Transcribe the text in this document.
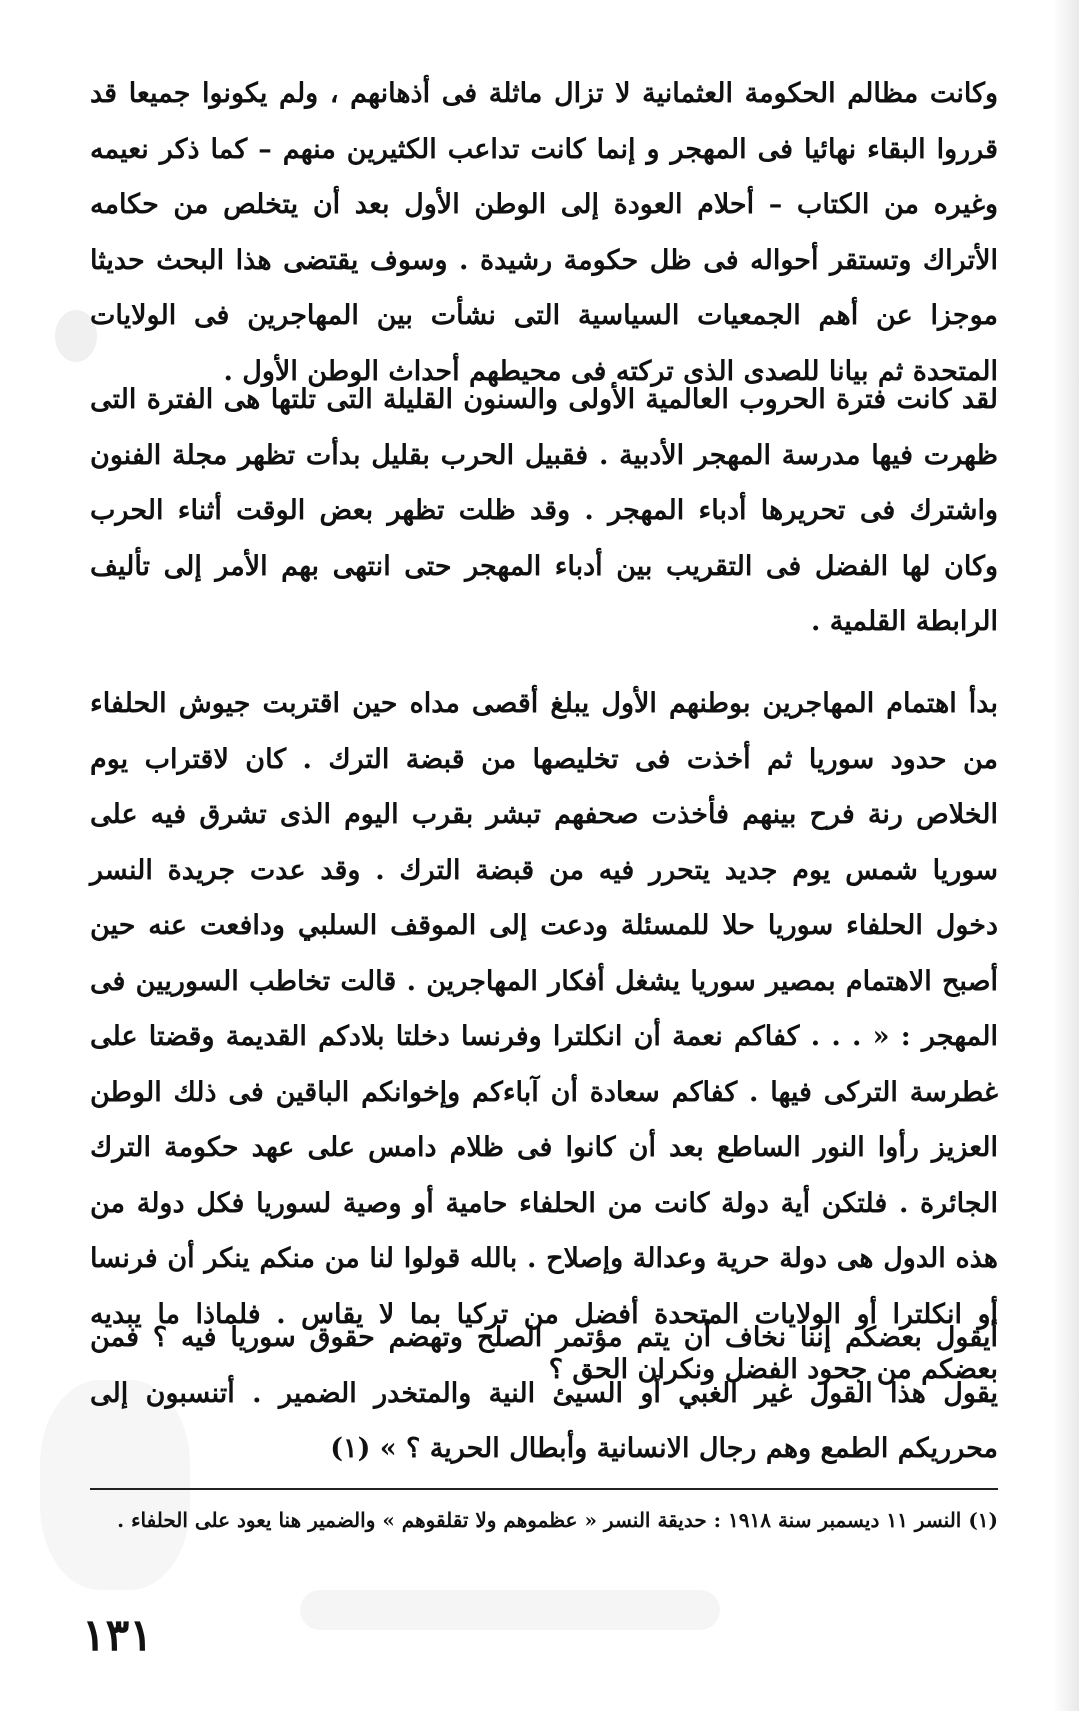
وكانت مظالم الحكومة العثمانية لا تزال ماثلة فى أذهانهم ، ولم يكونوا جميعا قد قرروا البقاء نهائيا فى المهجر و إنما كانت تداعب الكثيرين منهم – كما ذكر نعيمه وغيره من الكتاب – أحلام العودة إلى الوطن الأول بعد أن يتخلص من حكامه الأتراك وتستقر أحواله فى ظل حكومة رشيدة . وسوف يقتضى هذا البحث حديثا موجزا عن أهم الجمعيات السياسية التى نشأت بين المهاجرين فى الولايات المتحدة ثم بيانا للصدى الذى تركته فى محيطهم أحداث الوطن الأول .

لقد كانت فترة الحروب العالمية الأولى والسنون القليلة التى تلتها هى الفترة التى ظهرت فيها مدرسة المهجر الأدبية . فقبيل الحرب بقليل بدأت تظهر مجلة الفنون واشترك فى تحريرها أدباء المهجر . وقد ظلت تظهر بعض الوقت أثناء الحرب وكان لها الفضل فى التقريب بين أدباء المهجر حتى انتهى بهم الأمر إلى تأليف الرابطة القلمية .

بدأ اهتمام المهاجرين بوطنهم الأول يبلغ أقصى مداه حين اقتربت جيوش الحلفاء من حدود سوريا ثم أخذت فى تخليصها من قبضة الترك . كان لاقتراب يوم الخلاص رنة فرح بينهم فأخذت صحفهم تبشر بقرب اليوم الذى تشرق فيه على سوريا شمس يوم جديد يتحرر فيه من قبضة الترك . وقد عدت جريدة النسر دخول الحلفاء سوريا حلا للمسئلة ودعت إلى الموقف السلبي ودافعت عنه حين أصبح الاهتمام بمصير سوريا يشغل أفكار المهاجرين . قالت تخاطب السوريين فى المهجر : « . . . كفاكم نعمة أن انكلترا وفرنسا دخلتا بلادكم القديمة وقضتا على غطرسة التركى فيها . كفاكم سعادة أن آباءكم وإخوانكم الباقين فى ذلك الوطن العزيز رأوا النور الساطع بعد أن كانوا فى ظلام دامس على عهد حكومة الترك الجائرة . فلتكن أية دولة كانت من الحلفاء حامية أو وصية لسوريا فكل دولة من هذه الدول هى دولة حرية وعدالة وإصلاح . بالله قولوا لنا من منكم ينكر أن فرنسا أو انكلترا أو الولايات المتحدة أفضل من تركيا بما لا يقاس . فلماذا ما يبديه بعضكم من جحود الفضل ونكران الحق ؟

أيقول بعضكم إننا نخاف أن يتم مؤتمر الصلح وتهضم حقوق سوريا فيه ؟ فمن يقول هذا القول غير الغبي أو السيئ النية والمتخدر الضمير . أتنسبون إلى محرريكم الطمع وهم رجال الانسانية وأبطال الحرية ؟ » (١)

(١) النسر ١١ ديسمبر سنة ١٩١٨ : حديقة النسر « عظموهم ولا تقلقوهم » والضمير هنا يعود على الحلفاء .

١٣١
